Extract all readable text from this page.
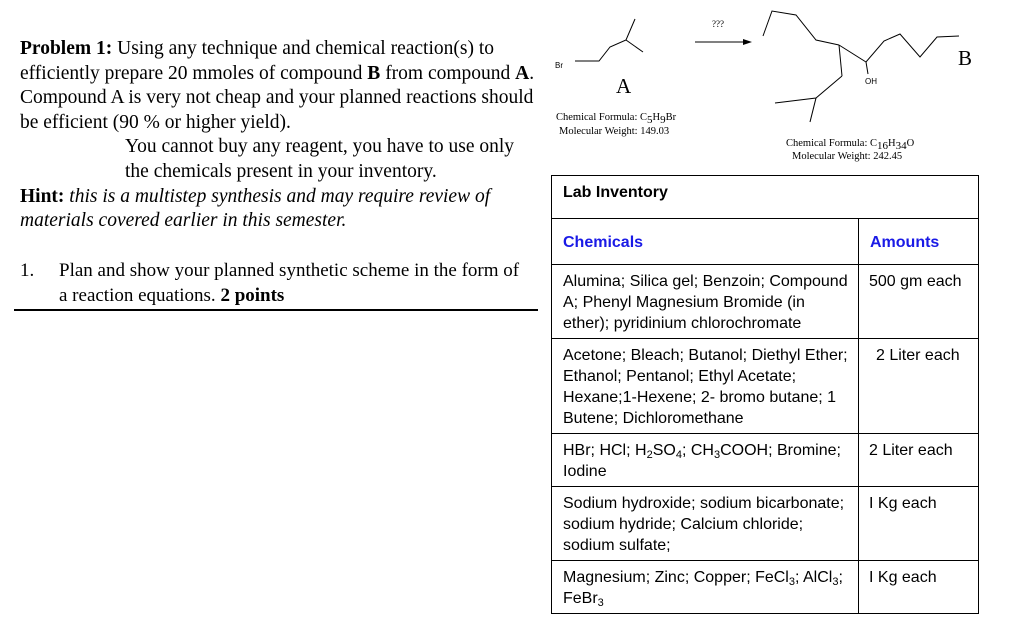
Problem 1: Using any technique and chemical reaction(s) to efficiently prepare 20 mmoles of compound B from compound A. Compound A is very not cheap and your planned reactions should be efficient (90 % or higher yield).

You cannot buy any reagent, you have to use only the chemicals present in your inventory.

Hint: this is a multistep synthesis and may require review of materials covered earlier in this semester.

1. Plan and show your planned synthetic scheme in the form of a reaction equations. 2 points
Br
???
OH
A
B
Chemical Formula: $C_5H_9Br$
Molecular Weight: 149.03
Chemical Formula: $C_{16}H_{34}O$
Molecular Weight: 242.45
Lab Inventory	
Chemicals	Amounts
Alumina; Silica gel; Benzoin; Compound A; Phenyl Magnesium Bromide (in ether); pyridinium chlorochromate	500 gm each
Acetone; Bleach; Butanol; Diethyl Ether; Ethanol; Pentanol; Ethyl Acetate; Hexane;1-Hexene; 2- bromo butane; 1 Butene; Dichloromethane	2 Liter each
HBr; HCl; $H_2SO_4$; $CH_3COOH$; Bromine; Iodine	2 Liter each
Sodium hydroxide; sodium bicarbonate; sodium hydride; Calcium chloride; sodium sulfate;	I Kg each
Magnesium; Zinc; Copper; FeCl$_3$; AlCl$_3$; FeBr$_3$	I Kg each
